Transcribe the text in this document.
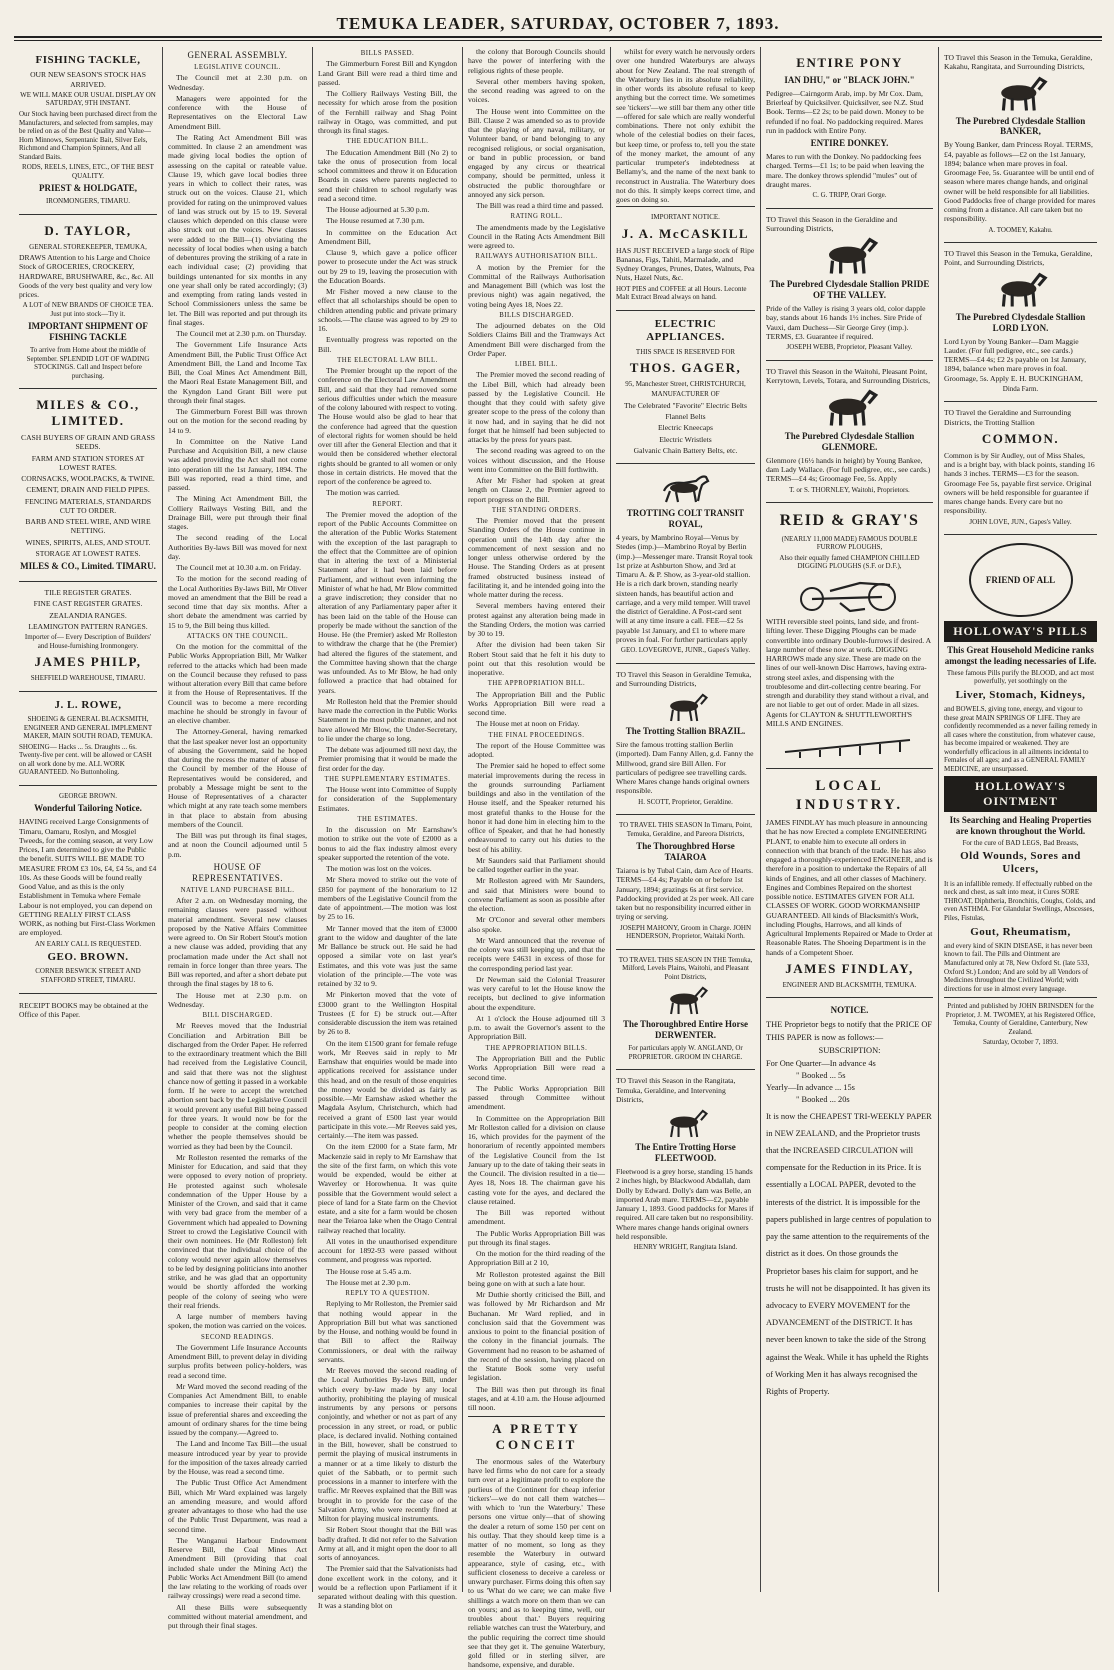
TEMUKA LEADER, SATURDAY, OCTOBER 7, 1893.
FISHING TACKLE,

OUR NEW SEASON'S STOCK HAS ARRIVED.

WE WILL MAKE OUR USUAL DISPLAY ON SATURDAY, 9TH INSTANT.

Our Stock having been purchased direct from the Manufacturers, and selected from samples, may be relied on as of the Best Quality and Value— Horn Minnows, Serpentanic Bait, Silver Eels, Richmond and Champion Spinners, And all Standard Baits.

RODS, REELS, LINES, ETC., OF THE BEST QUALITY.

PRIEST & HOLDGATE,

IRONMONGERS, TIMARU.

D. TAYLOR,

GENERAL STOREKEEPER, TEMUKA,

DRAWS Attention to his Large and Choice Stock of GROCERIES, CROCKERY, HARDWARE, BRUSHWARE, &c., &c. All Goods of the very best quality and very low prices.

A LOT of NEW BRANDS OF CHOICE TEA. Just put into stock—Try it.

IMPORTANT SHIPMENT OF FISHING TACKLE

To arrive from Home about the middle of September. SPLENDID LOT OF WADING STOCKINGS. Call and Inspect before purchasing.

MILES & CO., LIMITED.

CASH BUYERS OF GRAIN AND GRASS SEEDS.

FARM AND STATION STORES AT LOWEST RATES.

CORNSACKS, WOOLPACKS, & TWINE.

CEMENT, DRAIN AND FIELD PIPES.

FENCING MATERIALS, STANDARDS CUT TO ORDER.

BARB AND STEEL WIRE, AND WIRE NETTING.

WINES, SPIRITS, ALES, AND STOUT.

STORAGE AT LOWEST RATES.

MILES & CO., Limited. TIMARU.

TILE REGISTER GRATES.

FINE CAST REGISTER GRATES.

ZEALANDIA RANGES.

LEAMINGTON PATTERN RANGES.

Importer of— Every Description of Builders' and House-furnishing Ironmongery.

JAMES PHILP,

SHEFFIELD WAREHOUSE, TIMARU.

J. L. ROWE,

SHOEING & GENERAL BLACKSMITH, ENGINEER AND GENERAL IMPLEMENT MAKER, MAIN SOUTH ROAD, TEMUKA.

SHOEING— Hacks ... 5s. Draughts ... 6s. Twenty-five per cent. will be allowed or CASH on all work done by me. ALL WORK GUARANTEED. No Buttonholing.

GEORGE BROWN.

Wonderful Tailoring Notice.

HAVING received Large Consignments of Timaru, Oamaru, Roslyn, and Mosgiel Tweeds, for the coming season, at very Low Prices, I am determined to give the Public the benefit. SUITS WILL BE MADE TO MEASURE FROM £3 10s, £4, £4 5s, and £4 10s. As these Goods will be found really Good Value, and as this is the only Establishment in Temuka where Female Labour is not employed, you can depend on GETTING REALLY FIRST CLASS WORK, as nothing but First-Class Workmen are employed.

AN EARLY CALL IS REQUESTED.

GEO. BROWN.

CORNER BESWICK STREET AND STAFFORD STREET, TIMARU.

RECEIPT BOOKS may be obtained at the Office of this Paper.

GENERAL ASSEMBLY.
LEGISLATIVE COUNCIL.

The Council met at 2.30 p.m. on Wednesday.

Managers were appointed for the conference with the House of Representatives on the Electoral Law Amendment Bill.

The Rating Act Amendment Bill was committed. In clause 2 an amendment was made giving local bodies the option of assessing on the capital or rateable value. Clause 19, which gave local bodies three years in which to collect their rates, was struck out on the voices. Clause 21, which provided for rating on the unimproved values of land was struck out by 15 to 19. Several clauses which depended on this clause were also struck out on the voices. New clauses were added to the Bill—(1) obviating the necessity of local bodies when using a batch of debentures proving the striking of a rate in each individual case; (2) providing that buildings untenanted for six months in any one year shall only be rated accordingly; (3) and exempting from rating lands vested in School Commissioners unless the same be let. The Bill was reported and put through its final stages.

The Council met at 2.30 p.m. on Thursday.

The Government Life Insurance Acts Amendment Bill, the Public Trust Office Act Amendment Bill, the Land and Income Tax Bill, the Coal Mines Act Amendment Bill, the Maori Real Estate Management Bill, and the Kyngdon Land Grant Bill were put through their final stages.

The Gimmerburn Forest Bill was thrown out on the motion for the second reading by 14 to 9.

In Committee on the Native Land Purchase and Acquisition Bill, a new clause was added providing the Act shall not come into operation till the 1st January, 1894. The Bill was reported, read a third time, and passed.

The Mining Act Amendment Bill, the Colliery Railways Vesting Bill, and the Drainage Bill, were put through their final stages.

The second reading of the Local Authorities By-laws Bill was moved for next day.

The Council met at 10.30 a.m. on Friday.

To the motion for the second reading of the Local Authorities By-laws Bill, Mr Oliver moved an amendment that the Bill be read a second time that day six months. After a short debate the amendment was carried by 15 to 9, the Bill being thus killed.

ATTACKS ON THE COUNCIL.

On the motion for the committal of the Public Works Appropriation Bill, Mr Walker referred to the attacks which had been made on the Council because they refused to pass without alteration every Bill that came before it from the House of Representatives. If the Council was to become a mere recording machine he should be strongly in favour of an elective chamber.

The Attorney-General, having remarked that the last speaker never lost an opportunity of abusing the Government, said he hoped that during the recess the matter of abuse of the Council by member of the House of Representatives would be considered, and probably a Message might be sent to the House of Representatives of a character which might at any rate teach some members in that place to abstain from abusing members of the Council.

The Bill was put through its final stages, and at noon the Council adjourned until 5 p.m.

HOUSE OF REPRESENTATIVES.
NATIVE LAND PURCHASE BILL.

After 2 a.m. on Wednesday morning, the remaining clauses were passed without material amendment. Several new clauses proposed by the Native Affairs Committee were agreed to. On Sir Robert Stout's motion a new clause was added, providing that any proclamation made under the Act shall not remain in force longer than three years. The Bill was reported, and after a short debate put through the final stages by 18 to 6.

The House met at 2.30 p.m. on Wednesday.

BILL DISCHARGED.

Mr Reeves moved that the Industrial Conciliation and Arbitration Bill be discharged from the Order Paper. He referred to the extraordinary treatment which the Bill had received from the Legislative Council, and said that there was not the slightest chance now of getting it passed in a workable form. If he were to accept the wretched abortion sent back by the Legislative Council it would prevent any useful Bill being passed for three years. It would now be for the people to consider at the coming election whether the people themselves should be worried as they had been by the Council.

Mr Rolleston resented the remarks of the Minister for Education, and said that they were opposed to every notion of propriety. He protested against such wholesale condemnation of the Upper House by a Minister of the Crown, and said that it came with very bad grace from the member of a Government which had appealed to Downing Street to crowd the Legislative Council with their own nominees. He (Mr Rolleston) felt convinced that the individual choice of the colony would never again allow themselves to be led by designing politicians into another strike, and he was glad that an opportunity would be shortly afforded the working people of the colony of seeing who were their real friends.

A large number of members having spoken, the motion was carried on the voices.

SECOND READINGS.

The Government Life Insurance Accounts Amendment Bill, to prevent delay in dividing surplus profits between policy-holders, was read a second time.

Mr Ward moved the second reading of the Companies Act Amendment Bill, to enable companies to increase their capital by the issue of preferential shares and exceeding the amount of ordinary shares for the time being issued by the company.—Agreed to.

The Land and Income Tax Bill—the usual measure introduced year by year to provide for the imposition of the taxes already carried by the House, was read a second time.

The Public Trust Office Act Amendment Bill, which Mr Ward explained was largely an amending measure, and would afford greater advantages to those who had the use of the Public Trust Department, was read a second time.

The Wanganui Harbour Endowment Reserve Bill, the Coal Mines Act Amendment Bill (providing that coal included shale under the Mining Act) the Public Works Act Amendment Bill (to amend the law relating to the working of roads over railway crossings) were read a second time.

All these Bills were subsequently committed without material amendment, and put through their final stages.

BILLS PASSED.

The Gimmerburn Forest Bill and Kyngdon Land Grant Bill were read a third time and passed.

The Colliery Railways Vesting Bill, the necessity for which arose from the position of the Fernhill railway and Shag Point railway in Otago, was committed, and put through its final stages.

THE EDUCATION BILL.

The Education Amendment Bill (No 2) to take the onus of prosecution from local school committees and throw it on Education Boards in cases where parents neglected to send their children to school regularly was read a second time.

The House adjourned at 5.30 p.m.

The House resumed at 7.30 p.m.

In committee on the Education Act Amendment Bill,

Clause 9, which gave a police officer power to prosecute under the Act was struck out by 29 to 19, leaving the prosecution with the Education Boards.

Mr Fisher moved a new clause to the effect that all scholarships should be open to children attending public and private primary schools.—The clause was agreed to by 29 to 16.

Eventually progress was reported on the Bill.

THE ELECTORAL LAW BILL.

The Premier brought up the report of the conference on the Electoral Law Amendment Bill, and said that they had removed some serious difficulties under which the measure of the colony laboured with respect to voting. The House would also be glad to hear that the conference had agreed that the question of electoral rights for women should be held over till after the General Election and that it would then be considered whether electoral rights should be granted to all women or only those in certain districts. He moved that the report of the conference be agreed to.

The motion was carried.

REPORT.

The Premier moved the adoption of the report of the Public Accounts Committee on the alteration of the Public Works Statement with the exception of the last paragraph to the effect that the Committee are of opinion that in altering the text of a Ministerial Statement after it had been laid before Parliament, and without even informing the Minister of what he had, Mr Blow committed a grave indiscretion; they consider that no alteration of any Parliamentary paper after it has been laid on the table of the House can properly be made without the sanction of the House. He (the Premier) asked Mr Rolleston to withdraw the charge that he (the Premier) had altered the figures of the statement, and the Committee having shown that the charge was unfounded. As to Mr Blow, he had only followed a practice that had obtained for years.

Mr Rolleston held that the Premier should have made the correction in the Public Works Statement in the most public manner, and not have allowed Mr Blow, the Under-Secretary, to lie under the charge so long.

The debate was adjourned till next day, the Premier promising that it would be made the first order for the day.

THE SUPPLEMENTARY ESTIMATES.

The House went into Committee of Supply for consideration of the Supplementary Estimates.

THE ESTIMATES.

In the discussion on Mr Earnshaw's motion to strike out the vote of £2000 as a bonus to aid the flax industry almost every speaker supported the retention of the vote.

The motion was lost on the voices.

Mr Shera moved to strike out the vote of £850 for payment of the honorarium to 12 members of the Legislative Council from the date of appointment.—The motion was lost by 25 to 16.

Mr Tanner moved that the item of £3000 grant to the widow and daughter of the late Mr Ballance be struck out. He said he had opposed a similar vote on last year's Estimates, and this vote was just the same violation of the principle.—The vote was retained by 32 to 9.

Mr Pinkerton moved that the vote of £3000 grant to the Wellington Hospital Trustees (£ for £) be struck out.—After considerable discussion the item was retained by 26 to 8.

On the item £1500 grant for female refuge work, Mr Reeves said in reply to Mr Earnshaw that enquiries would be made into applications received for assistance under this head, and on the result of those enquiries the money would be divided as fairly as possible.—Mr Earnshaw asked whether the Magdala Asylum, Christchurch, which had received a grant of £500 last year would participate in this vote.—Mr Reeves said yes, certainly.—The item was passed.

On the item £2000 for a State farm, Mr Mackenzie said in reply to Mr Earnshaw that the site of the first farm, on which this vote would be expended, would be either at Waverley or Horowhenua. It was quite possible that the Government would select a piece of land for a State farm on the Cheviot estate, and a site for a farm would be chosen near the Teiaroa lake when the Otago Central railway reached that locality.

All votes in the unauthorised expenditure account for 1892-93 were passed without comment, and progress was reported.

The House rose at 5.45 a.m.

The House met at 2.30 p.m.

REPLY TO A QUESTION.

Replying to Mr Rolleston, the Premier said that nothing would appear in the Appropriation Bill but what was sanctioned by the House, and nothing would be found in that Bill to affect the Railway Commissioners, or deal with the railway servants.

Mr Reeves moved the second reading of the Local Authorities By-laws Bill, under which every by-law made by any local authority, prohibiting the playing of musical instruments by any persons or persons conjointly, and whether or not as part of any procession in any street, or road, or public place, is declared invalid. Nothing contained in the Bill, however, shall be construed to permit the playing of musical instruments in a manner or at a time likely to disturb the quiet of the Sabbath, or to permit such processions in a manner to interfere with the traffic. Mr Reeves explained that the Bill was brought in to provide for the case of the Salvation Army, who were recently fined at Milton for playing musical instruments.

Sir Robert Stout thought that the Bill was badly drafted. It did not refer to the Salvation Army at all, and it might open the door to all sorts of annoyances.

The Premier said that the Salvationists had done excellent work in the colony, and it would be a reflection upon Parliament if it separated without dealing with this question. It was a standing blot on

the colony that Borough Councils should have the power of interfering with the religious rights of these people.

Several other members having spoken, the second reading was agreed to on the voices.

The House went into Committee on the Bill. Clause 2 was amended so as to provide that the playing of any naval, military, or Volunteer band, or band belonging to any recognised religious, or social organisation, or band in public procession, or band engaged by any circus or theatrical company, should be permitted, unless it obstructed the public thoroughfare or annoyed any sick person.

The Bill was read a third time and passed.

RATING ROLL.

The amendments made by the Legislative Council in the Rating Acts Amendment Bill were agreed to.

RAILWAYS AUTHORISATION BILL.

A motion by the Premier for the Committal of the Railways Authorisation and Management Bill (which was lost the previous night) was again negatived, the voting being Ayes 18, Noes 22.

BILLS DISCHARGED.

The adjourned debates on the Old Soldiers Claims Bill and the Tramways Act Amendment Bill were discharged from the Order Paper.

LIBEL BILL.

The Premier moved the second reading of the Libel Bill, which had already been passed by the Legislative Council. He thought that they could with safety give greater scope to the press of the colony than it now had, and in saying that he did not forget that he himself had been subjected to attacks by the press for years past.

The second reading was agreed to on the voices without discussion, and the House went into Committee on the Bill forthwith.

After Mr Fisher had spoken at great length on Clause 2, the Premier agreed to report progress on the Bill.

THE STANDING ORDERS.

The Premier moved that the present Standing Orders of the House continue in operation until the 14th day after the commencement of next session and no longer unless otherwise ordered by the House. The Standing Orders as at present framed obstructed business instead of facilitating it, and he intended going into the whole matter during the recess.

Several members having entered their protest against any alteration being made in the Standing Orders, the motion was carried by 30 to 19.

After the division had been taken Sir Robert Stout said that he felt it his duty to point out that this resolution would be inoperative.

THE APPROPRIATION BILL.

The Appropriation Bill and the Public Works Appropriation Bill were read a second time.

The House met at noon on Friday.

THE FINAL PROCEEDINGS.

The report of the House Committee was adopted.

The Premier said he hoped to effect some material improvements during the recess in the grounds surrounding Parliament buildings and also in the ventilation of the House itself, and the Speaker returned his most grateful thanks to the House for the honor it had done him in electing him to the office of Speaker, and that he had honestly endeavoured to carry out his duties to the best of his ability.

Mr Saunders said that Parliament should be called together earlier in the year.

Mr Rolleston agreed with Mr Saunders, and said that Ministers were bound to convene Parliament as soon as possible after the election.

Mr O'Conor and several other members also spoke.

Mr Ward announced that the revenue of the colony was still keeping up, and that the receipts were £4631 in excess of those for the corresponding period last year.

Dr Newman said the Colonial Treasurer was very careful to let the House know the receipts, but declined to give information about the expenditure.

At 1 o'clock the House adjourned till 3 p.m. to await the Governor's assent to the Appropriation Bill.

THE APPROPRIATION BILLS.

The Appropriation Bill and the Public Works Appropriation Bill were read a second time.

The Public Works Appropriation Bill passed through Committee without amendment.

In Committee on the Appropriation Bill Mr Rolleston called for a division on clause 16, which provides for the payment of the honorarium of recently appointed members of the Legislative Council from the 1st January up to the date of taking their seats in the Council. The division resulted in a tie—Ayes 18, Noes 18. The chairman gave his casting vote for the ayes, and declared the clause retained.

The Bill was reported without amendment.

The Public Works Appropriation Bill was put through its final stages.

On the motion for the third reading of the Appropriation Bill at 2 10,

Mr Rolleston protested against the Bill being gone on with at such a late hour.

Mr Duthie shortly criticised the Bill, and was followed by Mr Richardson and Mr Buchanan. Mr Ward replied, and in conclusion said that the Government was anxious to point to the financial position of the colony in the financial journals. The Government had no reason to be ashamed of the record of the session, having placed on the Statute Book some very useful legislation.

The Bill was then put through its final stages, and at 4.10 a.m. the House adjourned till noon.

A PRETTY CONCEIT

The enormous sales of the Waterbury have led firms who do not care for a steady turn over at a legitimate profit to explore the purlieus of the Continent for cheap inferior 'tickers'—we do not call them watches—with which to 'run the Waterbury.' These persons one virtue only—that of showing the dealer a return of some 150 per cent on his outlay. That they should keep time is a matter of no moment, so long as they resemble the Waterbury in outward appearance, style of casing, etc., with sufficient closeness to deceive a careless or unwary purchaser. Firms doing this often say to us 'What do we care; we can make five shillings a watch more on them than we can on yours; and as to keeping time, well, our troubles about that.' Buyers requiring reliable watches can trust the Waterbury, and the public requiring the correct time should see that they get it. The genuine Waterbury, gold filled or in sterling silver, are handsome, expensive, and durable.

whilst for every watch he nervously orders over one hundred Waterburys are always about for New Zealand. The real strength of the Waterbury lies in its absolute reliability, in other words its absolute refusal to keep anything but the correct time. We sometimes see 'tickers'—we still bar them any other title—offered for sale which are really wonderful combinations. There not only exhibit the whole of the celestial bodies on their faces, but keep time, or profess to, tell you the state of the money market, the amount of any particular trumpeter's indebtedness at Bellamy's, and the name of the next bank to reconstruct in Australia. The Waterbury does not do this. It simply keeps correct time, and goes on doing so.

IMPORTANT NOTICE.

J. A. McCASKILL

HAS JUST RECEIVED a large stock of Ripe Bananas, Figs, Tahiti, Marmalade, and Sydney Oranges, Prunes, Dates, Walnuts, Pea Nuts, Hazel Nuts, &c.

HOT PIES and COFFEE at all Hours. Leconte Malt Extract Bread always on hand.

ELECTRIC APPLIANCES.

THIS SPACE IS RESERVED FOR

THOS. GAGER,

95, Manchester Street, CHRISTCHURCH,

MANUFACTURER OF

The Celebrated "Favorite" Electric Belts

Flannel Belts

Electric Kneecaps

Electric Wristlets

Galvanic Chain Battery Belts, etc.

TROTTING COLT TRANSIT ROYAL,

4 years, by Mambrino Royal—Venus by Stedes (imp.)—Mambrino Royal by Berlin (imp.)—Messenger mare. Transit Royal took 1st prize at Ashburton Show, and 3rd at Timaru A. & P. Show, as 3-year-old stallion. He is a rich dark brown, standing nearly sixteen hands, has beautiful action and carriage, and a very mild temper. Will travel the district of Geraldine. A Post-card sent will at any time insure a call. FEE—£2 5s payable 1st January, and £1 to where mare proves in foal. For further particulars apply

GEO. LOVEGROVE, JUNR., Gapes's Valley.

TO Travel this Season in Geraldine Temuka, and Surrounding Districts,

The Trotting Stallion BRAZIL.

Sire the famous trotting stallion Berlin (imported). Dam Fanny Allen, g.d. Fanny the Millwood, grand sire Bill Allen. For particulars of pedigree see travelling cards. Where Mares change hands original owners responsible.

H. SCOTT, Proprietor, Geraldine.

TO TRAVEL THIS SEASON In Timaru, Point, Temuka, Geraldine, and Pareora Districts,

The Thoroughbred Horse TAIAROA

Taiaroa is by Tubal Cain, dam Ace of Hearts. TERMS—£4 4s; Payable on or before 1st January, 1894; grazings 6s at first service. Paddocking provided at 2s per week. All care taken but no responsibility incurred either in trying or serving.

JOSEPH MAHONY, Groom in Charge. JOHN HENDERSON, Proprietor, Waitaki North.

TO TRAVEL THIS SEASON IN THE Temuka, Milford, Levels Plains, Waitohi, and Pleasant Point Districts,

The Thoroughbred Entire Horse DERWENTER.

For particulars apply W. ANGLAND, Or PROPRIETOR. GROOM IN CHARGE.

TO Travel this Season in the Rangitata, Temuka, Geraldine, and Intervening Districts,

The Entire Trotting Horse FLEETWOOD.

Fleetwood is a grey horse, standing 15 hands 2 inches high, by Blackwood Abdallah, dam Dolly by Edward. Dolly's dam was Belle, an imported Arab mare. TERMS—£2, payable January 1, 1893. Good paddocks for Mares if required. All care taken but no responsibility. Where mares change hands original owners held responsible.

HENRY WRIGHT, Rangitata Island.

ENTIRE PONY
IAN DHU," or "BLACK JOHN."

Pedigree—Cairngorm Arab, imp. by Mr Cox. Dam, Brierleaf by Quicksilver. Quicksilver, see N.Z. Stud Book. Terms—£2 2s; to be paid down. Money to be refunded if no foal. No paddocking required. Mares run in paddock with Entire Pony.

ENTIRE DONKEY.

Mares to run with the Donkey. No paddocking fees charged. Terms—£1 1s; to be paid when leaving the mare. The donkey throws splendid "mules" out of draught mares.

C. G. TRIPP, Orari Gorge.

TO Travel this Season in the Geraldine and Surrounding Districts,

The Purebred Clydesdale Stallion PRIDE OF THE VALLEY.

Pride of the Valley is rising 3 years old, color dapple bay, stands about 16 hands 1½ inches. Sire Pride of Vauxi, dam Duchess—Sir George Grey (imp.). TERMS, £3. Guarantee if required.

JOSEPH WEBB, Proprietor, Pleasant Valley.

TO Travel this Season in the Waitohi, Pleasant Point, Kerrytown, Levels, Totara, and Surrounding Districts,

The Purebred Clydesdale Stallion GLENMORE.

Glenmore (16½ hands in height) by Young Bankee, dam Lady Wallace. (For full pedigree, etc., see cards.) TERMS—£4 4s; Groomage Fee, 5s. Apply

T. or S. THORNLEY, Waitohi, Proprietors.

REID & GRAY'S

(NEARLY 11,000 MADE) FAMOUS DOUBLE FURROW PLOUGHS,

Also their equally famed CHAMPION CHILLED DIGGING PLOUGHS (S.F. or D.F.),

WITH reversible steel points, land side, and front-lifting lever. These Digging Ploughs can be made convertible into ordinary Double-furrows if desired. A large number of these now at work. DIGGING HARROWS made any size. These are made on the lines of our well-known Disc Harrows, having extra-strong steel axles, and dispensing with the troublesome and dirt-collecting centre bearing. For strength and durability they stand without a rival, and are not liable to get out of order. Made in all sizes. Agents for CLAYTON & SHUTTLEWORTH'S MILLS AND ENGINES.

LOCAL INDUSTRY.

JAMES FINDLAY has much pleasure in announcing that he has now Erected a complete ENGINEERING PLANT, to enable him to execute all orders in connection with that branch of the trade. He has also engaged a thoroughly-experienced ENGINEER, and is therefore in a position to undertake the Repairs of all kinds of Engines, and all other classes of Machinery. Engines and Combines Repaired on the shortest possible notice. ESTIMATES GIVEN FOR ALL CLASSES OF WORK. GOOD WORKMANSHIP GUARANTEED. All kinds of Blacksmith's Work, including Ploughs, Harrows, and all kinds of Agricultural Implements Repaired or Made to Order at Reasonable Rates. The Shoeing Department is in the hands of a Competent Shoer.

JAMES FINDLAY,

ENGINEER AND BLACKSMITH, TEMUKA.

NOTICE.

THE Proprietor begs to notify that the PRICE OF THIS PAPER is now as follows:—

SUBSCRIPTION:

For One Quarter—In advance 4s

" Booked ... 5s

Yearly—In advance ... 15s

" Booked ... 20s

It is now the CHEAPEST TRI-WEEKLY PAPER in NEW ZEALAND, and the Proprietor trusts that the INCREASED CIRCULATION will compensate for the Reduction in its Price. It is essentially a LOCAL PAPER, devoted to the interests of the district. It is impossible for the papers published in large centres of population to pay the same attention to the requirements of the district as it does. On those grounds the Proprietor bases his claim for support, and he trusts he will not be disappointed. It has given its advocacy to EVERY MOVEMENT for the ADVANCEMENT of the DISTRICT. It has never been known to take the side of the Strong against the Weak. While it has upheld the Rights of Working Men it has always recognised the Rights of Property.

TO Travel this Season in the Temuka, Geraldine, Kakahu, Rangitata, and Surrounding Districts,

The Purebred Clydesdale Stallion BANKER,

By Young Banker, dam Princess Royal. TERMS, £4, payable as follows—£2 on the 1st January, 1894; balance when mare proves in foal. Groomage Fee, 5s. Guarantee will be until end of season where mares change hands, and original owner will be held responsible for all liabilities. Good Paddocks free of charge provided for mares coming from a distance. All care taken but no responsibility.

A. TOOMEY, Kakahu.

TO Travel this Season in the Temuka, Geraldine, Point, and Surrounding Districts,

The Purebred Clydesdale Stallion LORD LYON.

Lord Lyon by Young Banker—Dam Maggie Lauder. (For full pedigree, etc., see cards.) TERMS—£4 4s; £2 2s payable on 1st January, 1894, balance when mare proves in foal. Groomage, 5s. Apply E. H. BUCKINGHAM,

Dinda Farm.

TO Travel the Geraldine and Surrounding Districts, the Trotting Stallion

COMMON.

Common is by Sir Audley, out of Miss Shales, and is a bright bay, with black points, standing 16 hands 3 inches. TERMS—£3 for the season. Groomage Fee 5s, payable first service. Original owners will be held responsible for guarantee if mares change hands. Every care but no responsibility.

JOHN LOVE, JUN., Gapes's Valley.

FRIEND OF ALL
HOLLOWAY'S PILLS

This Great Household Medicine ranks amongst the leading necessaries of Life.

These famous Pills purify the BLOOD, and act most powerfully, yet soothingly on the

Liver, Stomach, Kidneys,

and BOWELS, giving tone, energy, and vigour to these great MAIN SPRINGS OF LIFE. They are confidently recommended as a never failing remedy in all cases where the constitution, from whatever cause, has become impaired or weakened. They are wonderfully efficacious in all ailments incidental to Females of all ages; and as a GENERAL FAMILY MEDICINE, are unsurpassed.

HOLLOWAY'S OINTMENT

Its Searching and Healing Properties are known throughout the World.

For the cure of BAD LEGS, Bad Breasts,

Old Wounds, Sores and Ulcers,

It is an infallible remedy. If effectually rubbed on the neck and chest, as salt into meat, it Cures SORE THROAT, Diphtheria, Bronchitis, Coughs, Colds, and even ASTHMA. For Glandular Swellings, Abscesses, Piles, Fistulas,

Gout, Rheumatism,

and every kind of SKIN DISEASE, it has never been known to fail. The Pills and Ointment are Manufactured only at 78, New Oxford St. (late 533, Oxford St.) London; And are sold by all Vendors of Medicines throughout the Civilized World; with directions for use in almost every language.

Printed and published by JOHN BRINSDEN for the Proprietor, J. M. TWOMEY, at his Registered Office, Temuka, County of Geraldine, Canterbury, New Zealand.

Saturday, October 7, 1893.
